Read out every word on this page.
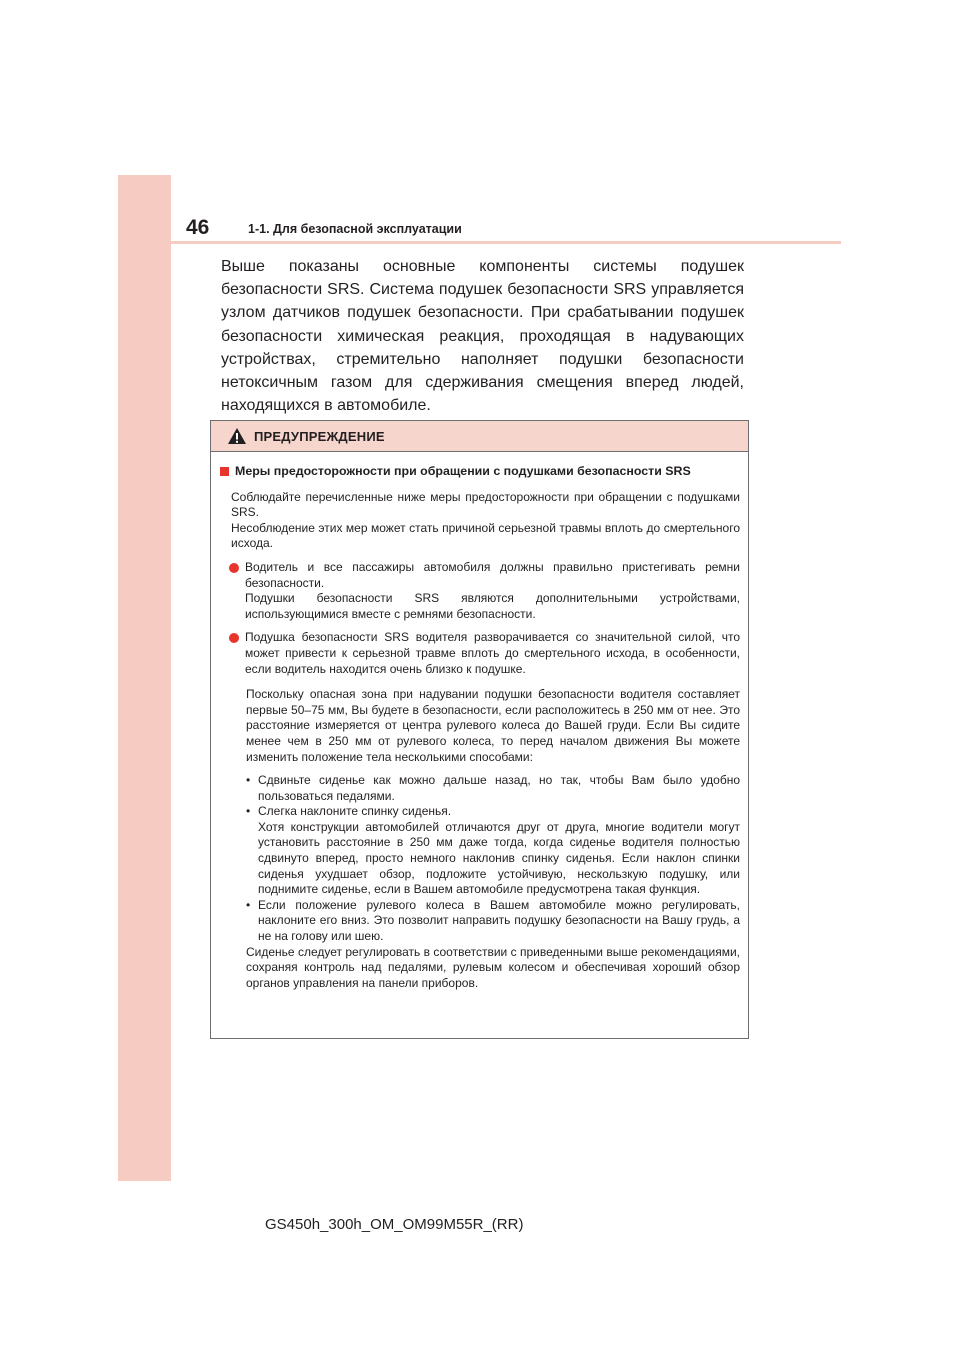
46	1-1. Для безопасной эксплуатации
Выше показаны основные компоненты системы подушек безопасности SRS. Система подушек безопасности SRS управляется узлом датчиков подушек безопасности. При срабатывании подушек безопасности химическая реакция, проходящая в надувающих устройствах, стремительно наполняет подушки безопасности нетоксичным газом для сдерживания смещения вперед людей, находящихся в автомобиле.
ПРЕДУПРЕЖДЕНИЕ
Меры предосторожности при обращении с подушками безопасности SRS

Соблюдайте перечисленные ниже меры предосторожности при обращении с подушками SRS.

Несоблюдение этих мер может стать причиной серьезной травмы вплоть до смертельного исхода.

Водитель и все пассажиры автомобиля должны правильно пристегивать ремни безопасности.

Подушки безопасности SRS являются дополнительными устройствами, использующимися вместе с ремнями безопасности.

Подушка безопасности SRS водителя разворачивается со значительной силой, что может привести к серьезной травме вплоть до смертельного исхода, в особенности, если водитель находится очень близко к подушке.

Поскольку опасная зона при надувании подушки безопасности водителя составляет первые 50–75 мм, Вы будете в безопасности, если расположитесь в 250 мм от нее. Это расстояние измеряется от центра рулевого колеса до Вашей груди. Если Вы сидите менее чем в 250 мм от рулевого колеса, то перед началом движения Вы можете изменить положение тела несколькими способами:

• Сдвиньте сиденье как можно дальше назад, но так, чтобы Вам было удобно пользоваться педалями.

• Слегка наклоните спинку сиденья.

Хотя конструкции автомобилей отличаются друг от друга, многие водители могут установить расстояние в 250 мм даже тогда, когда сиденье водителя полностью сдвинуто вперед, просто немного наклонив спинку сиденья. Если наклон спинки сиденья ухудшает обзор, подложите устойчивую, нескользкую подушку, или поднимите сиденье, если в Вашем автомобиле предусмотрена такая функция.

• Если положение рулевого колеса в Вашем автомобиле можно регулировать, наклоните его вниз. Это позволит направить подушку безопасности на Вашу грудь, а не на голову или шею.

Сиденье следует регулировать в соответствии с приведенными выше рекомендациями, сохраняя контроль над педалями, рулевым колесом и обеспечивая хороший обзор органов управления на панели приборов.

GS450h_300h_OM_OM99M55R_(RR)
